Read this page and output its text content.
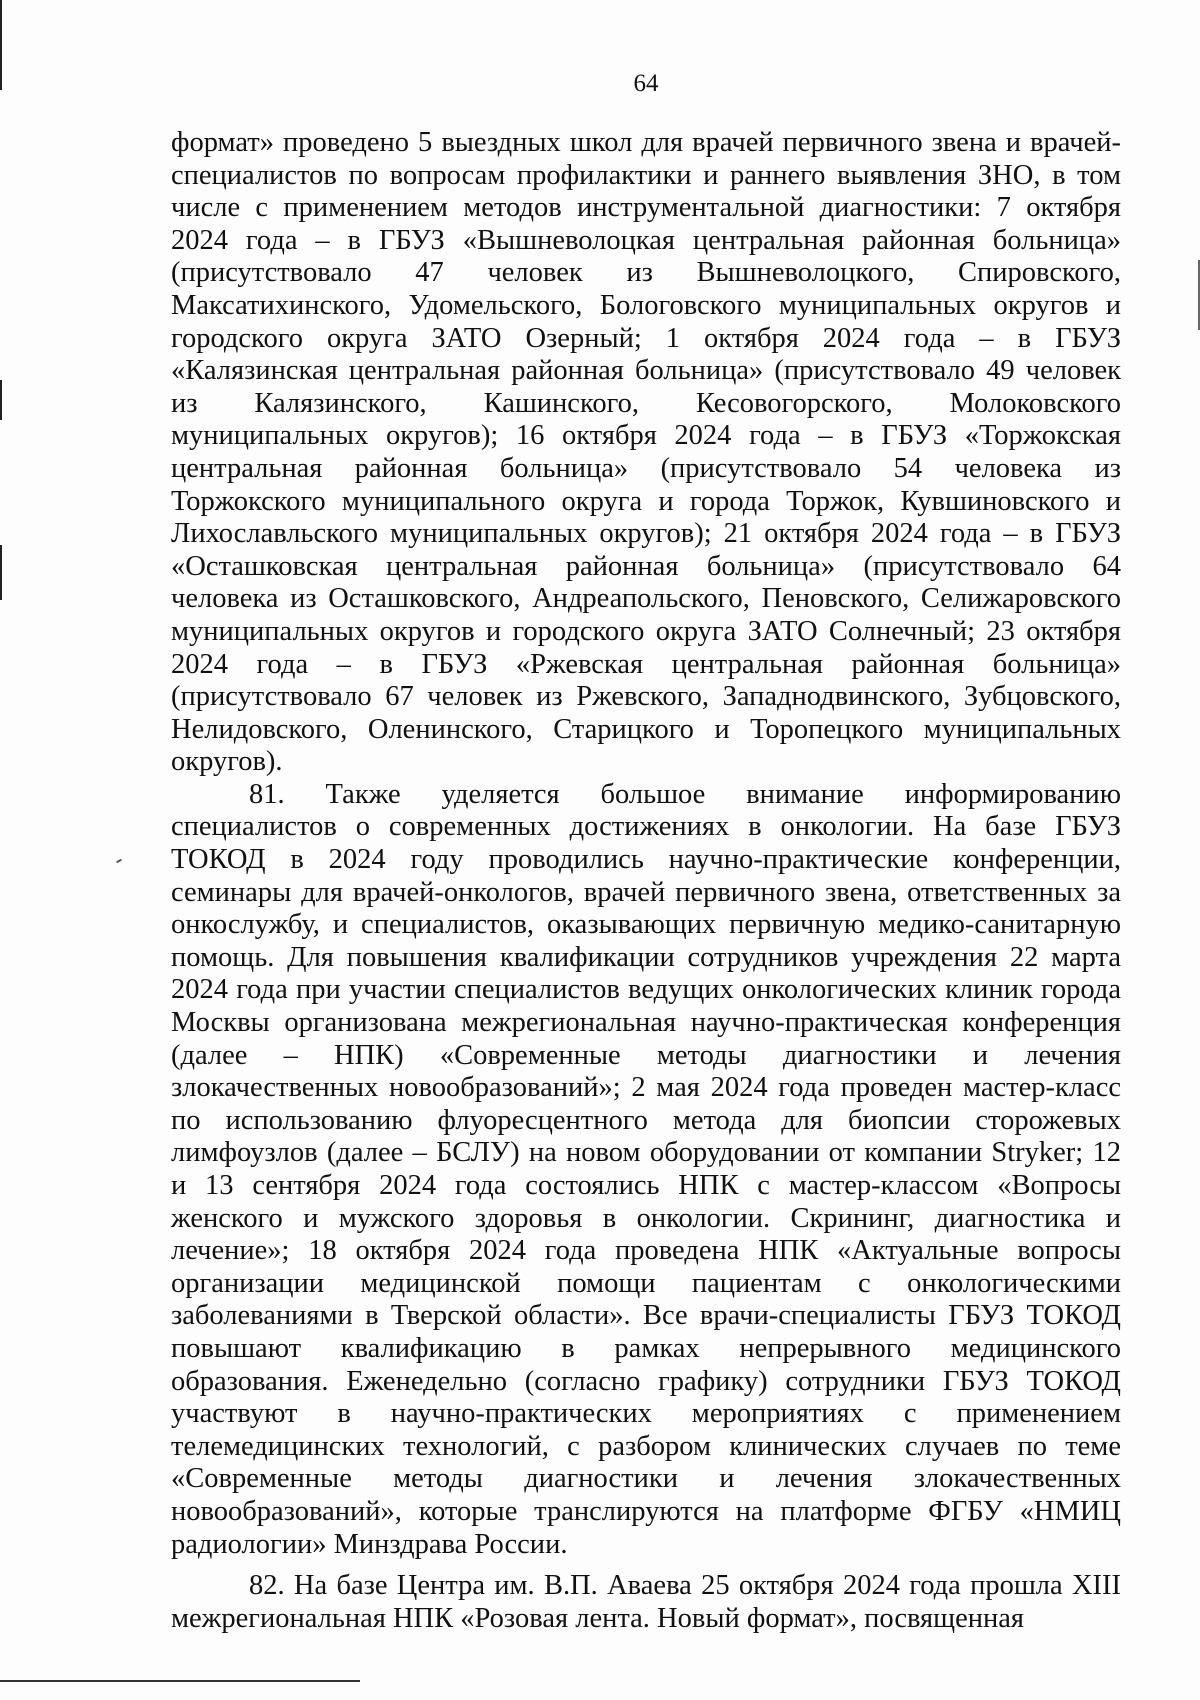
64

формат» проведено 5 выездных школ для врачей первичного звена и врачей-специалистов по вопросам профилактики и раннего выявления ЗНО, в том числе с применением методов инструментальной диагностики: 7 октября 2024 года – в ГБУЗ «Вышневолоцкая центральная районная больница» (присутствовало 47 человек из Вышневолоцкого, Спировского, Максатихинского, Удомельского, Бологовского муниципальных округов и городского округа ЗАТО Озерный; 1 октября 2024 года – в ГБУЗ «Калязинская центральная районная больница» (присутствовало 49 человек из Калязинского, Кашинского, Кесовогорского, Молоковского муниципальных округов); 16 октября 2024 года – в ГБУЗ «Торжокская центральная районная больница» (присутствовало 54 человека из Торжокского муниципального округа и города Торжок, Кувшиновского и Лихославльского муниципальных округов); 21 октября 2024 года – в ГБУЗ «Осташковская центральная районная больница» (присутствовало 64 человека из Осташковского, Андреапольского, Пеновского, Селижаровского муниципальных округов и городского округа ЗАТО Солнечный; 23 октября 2024 года – в ГБУЗ «Ржевская центральная районная больница» (присутствовало 67 человек из Ржевского, Западнодвинского, Зубцовского, Нелидовского, Оленинского, Старицкого и Торопецкого муниципальных округов).

81. Также уделяется большое внимание информированию специалистов о современных достижениях в онкологии. На базе ГБУЗ ТОКОД в 2024 году проводились научно-практические конференции, семинары для врачей-онкологов, врачей первичного звена, ответственных за онкослужбу, и специалистов, оказывающих первичную медико-санитарную помощь. Для повышения квалификации сотрудников учреждения 22 марта 2024 года при участии специалистов ведущих онкологических клиник города Москвы организована межрегиональная научно-практическая конференция (далее – НПК) «Современные методы диагностики и лечения злокачественных новообразований»; 2 мая 2024 года проведен мастер-класс по использованию флуоресцентного метода для биопсии сторожевых лимфоузлов (далее – БСЛУ) на новом оборудовании от компании Stryker; 12 и 13 сентября 2024 года состоялись НПК с мастер-классом «Вопросы женского и мужского здоровья в онкологии. Скрининг, диагностика и лечение»; 18 октября 2024 года проведена НПК «Актуальные вопросы организации медицинской помощи пациентам с онкологическими заболеваниями в Тверской области». Все врачи-специалисты ГБУЗ ТОКОД повышают квалификацию в рамках непрерывного медицинского образования. Еженедельно (согласно графику) сотрудники ГБУЗ ТОКОД участвуют в научно-практических мероприятиях с применением телемедицинских технологий, с разбором клинических случаев по теме «Современные методы диагностики и лечения злокачественных новообразований», которые транслируются на платформе ФГБУ «НМИЦ радиологии» Минздрава России.

82. На базе Центра им. В.П. Аваева 25 октября 2024 года прошла XIII межрегиональная НПК «Розовая лента. Новый формат», посвященная
